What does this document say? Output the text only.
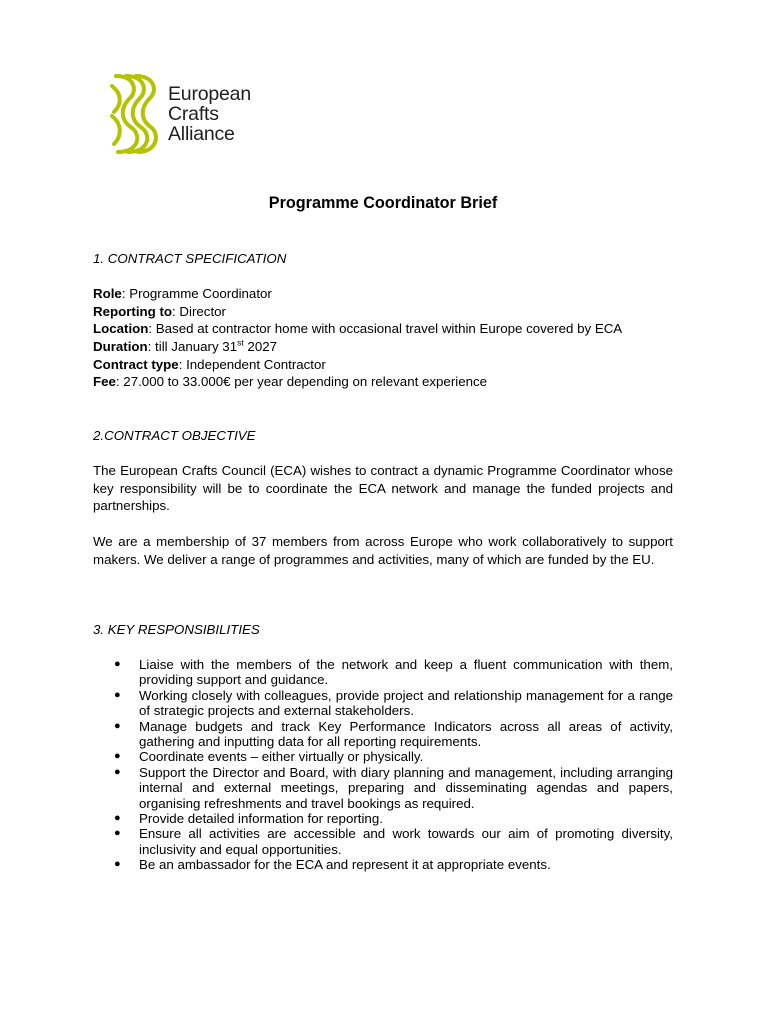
European
Crafts
Alliance
Programme Coordinator Brief
1. CONTRACT SPECIFICATION
Role: Programme Coordinator
Reporting to: Director
Location: Based at contractor home with occasional travel within Europe covered by ECA
Duration: till January 31st 2027
Contract type: Independent Contractor
Fee: 27.000 to 33.000€ per year depending on relevant experience
2.CONTRACT OBJECTIVE
The European Crafts Council (ECA) wishes to contract a dynamic Programme Coordinator whose key responsibility will be to coordinate the ECA network and manage the funded projects and partnerships.
We are a membership of 37 members from across Europe who work collaboratively to support makers. We deliver a range of programmes and activities, many of which are funded by the EU.
3. KEY RESPONSIBILITIES
● Liaise with the members of the network and keep a fluent communication with them, providing support and guidance.
● Working closely with colleagues, provide project and relationship management for a range of strategic projects and external stakeholders.
● Manage budgets and track Key Performance Indicators across all areas of activity, gathering and inputting data for all reporting requirements.
● Coordinate events – either virtually or physically.
● Support the Director and Board, with diary planning and management, including arranging internal and external meetings, preparing and disseminating agendas and papers, organising refreshments and travel bookings as required.
● Provide detailed information for reporting.
● Ensure all activities are accessible and work towards our aim of promoting diversity, inclusivity and equal opportunities.
● Be an ambassador for the ECA and represent it at appropriate events.
